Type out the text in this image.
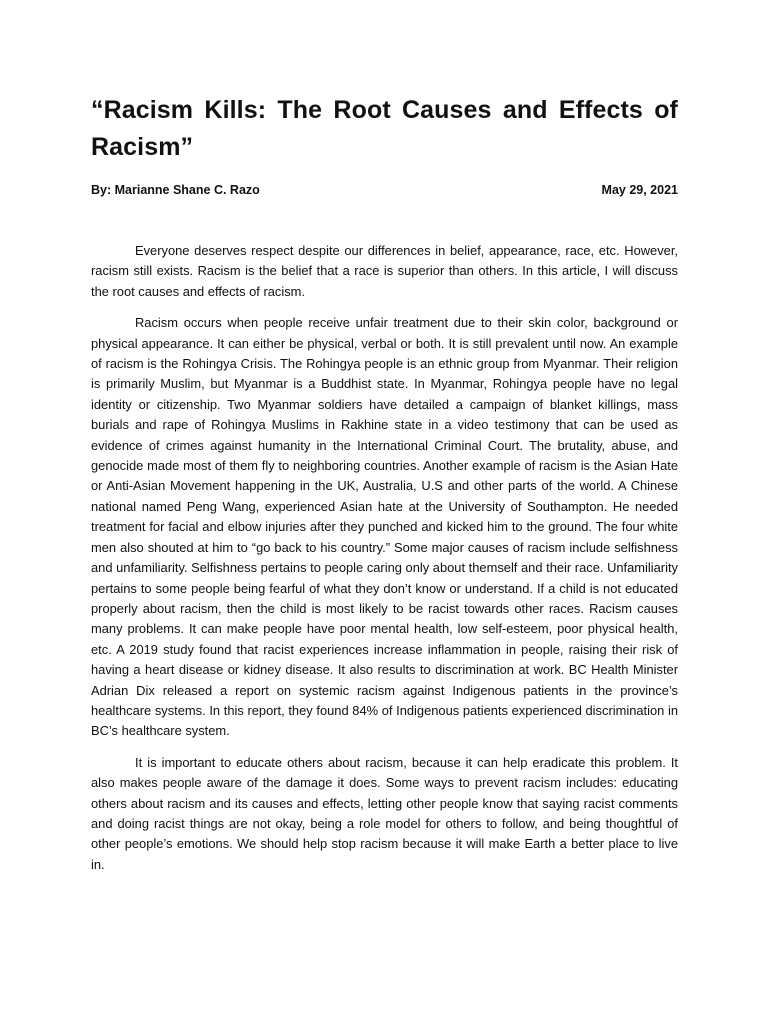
“Racism Kills: The Root Causes and Effects of Racism”
By: Marianne Shane C. Razo	May 29, 2021

Everyone deserves respect despite our differences in belief, appearance, race, etc. However, racism still exists. Racism is the belief that a race is superior than others. In this article, I will discuss the root causes and effects of racism.

Racism occurs when people receive unfair treatment due to their skin color, background or physical appearance. It can either be physical, verbal or both. It is still prevalent until now. An example of racism is the Rohingya Crisis. The Rohingya people is an ethnic group from Myanmar. Their religion is primarily Muslim, but Myanmar is a Buddhist state. In Myanmar, Rohingya people have no legal identity or citizenship. Two Myanmar soldiers have detailed a campaign of blanket killings, mass burials and rape of Rohingya Muslims in Rakhine state in a video testimony that can be used as evidence of crimes against humanity in the International Criminal Court. The brutality, abuse, and genocide made most of them fly to neighboring countries. Another example of racism is the Asian Hate or Anti-Asian Movement happening in the UK, Australia, U.S and other parts of the world. A Chinese national named Peng Wang, experienced Asian hate at the University of Southampton. He needed treatment for facial and elbow injuries after they punched and kicked him to the ground. The four white men also shouted at him to “go back to his country.” Some major causes of racism include selfishness and unfamiliarity. Selfishness pertains to people caring only about themself and their race. Unfamiliarity pertains to some people being fearful of what they don’t know or understand. If a child is not educated properly about racism, then the child is most likely to be racist towards other races. Racism causes many problems. It can make people have poor mental health, low self-esteem, poor physical health, etc. A 2019 study found that racist experiences increase inflammation in people, raising their risk of having a heart disease or kidney disease. It also results to discrimination at work. BC Health Minister Adrian Dix released a report on systemic racism against Indigenous patients in the province’s healthcare systems. In this report, they found 84% of Indigenous patients experienced discrimination in BC’s healthcare system.

It is important to educate others about racism, because it can help eradicate this problem. It also makes people aware of the damage it does. Some ways to prevent racism includes: educating others about racism and its causes and effects, letting other people know that saying racist comments and doing racist things are not okay, being a role model for others to follow, and being thoughtful of other people’s emotions. We should help stop racism because it will make Earth a better place to live in.
